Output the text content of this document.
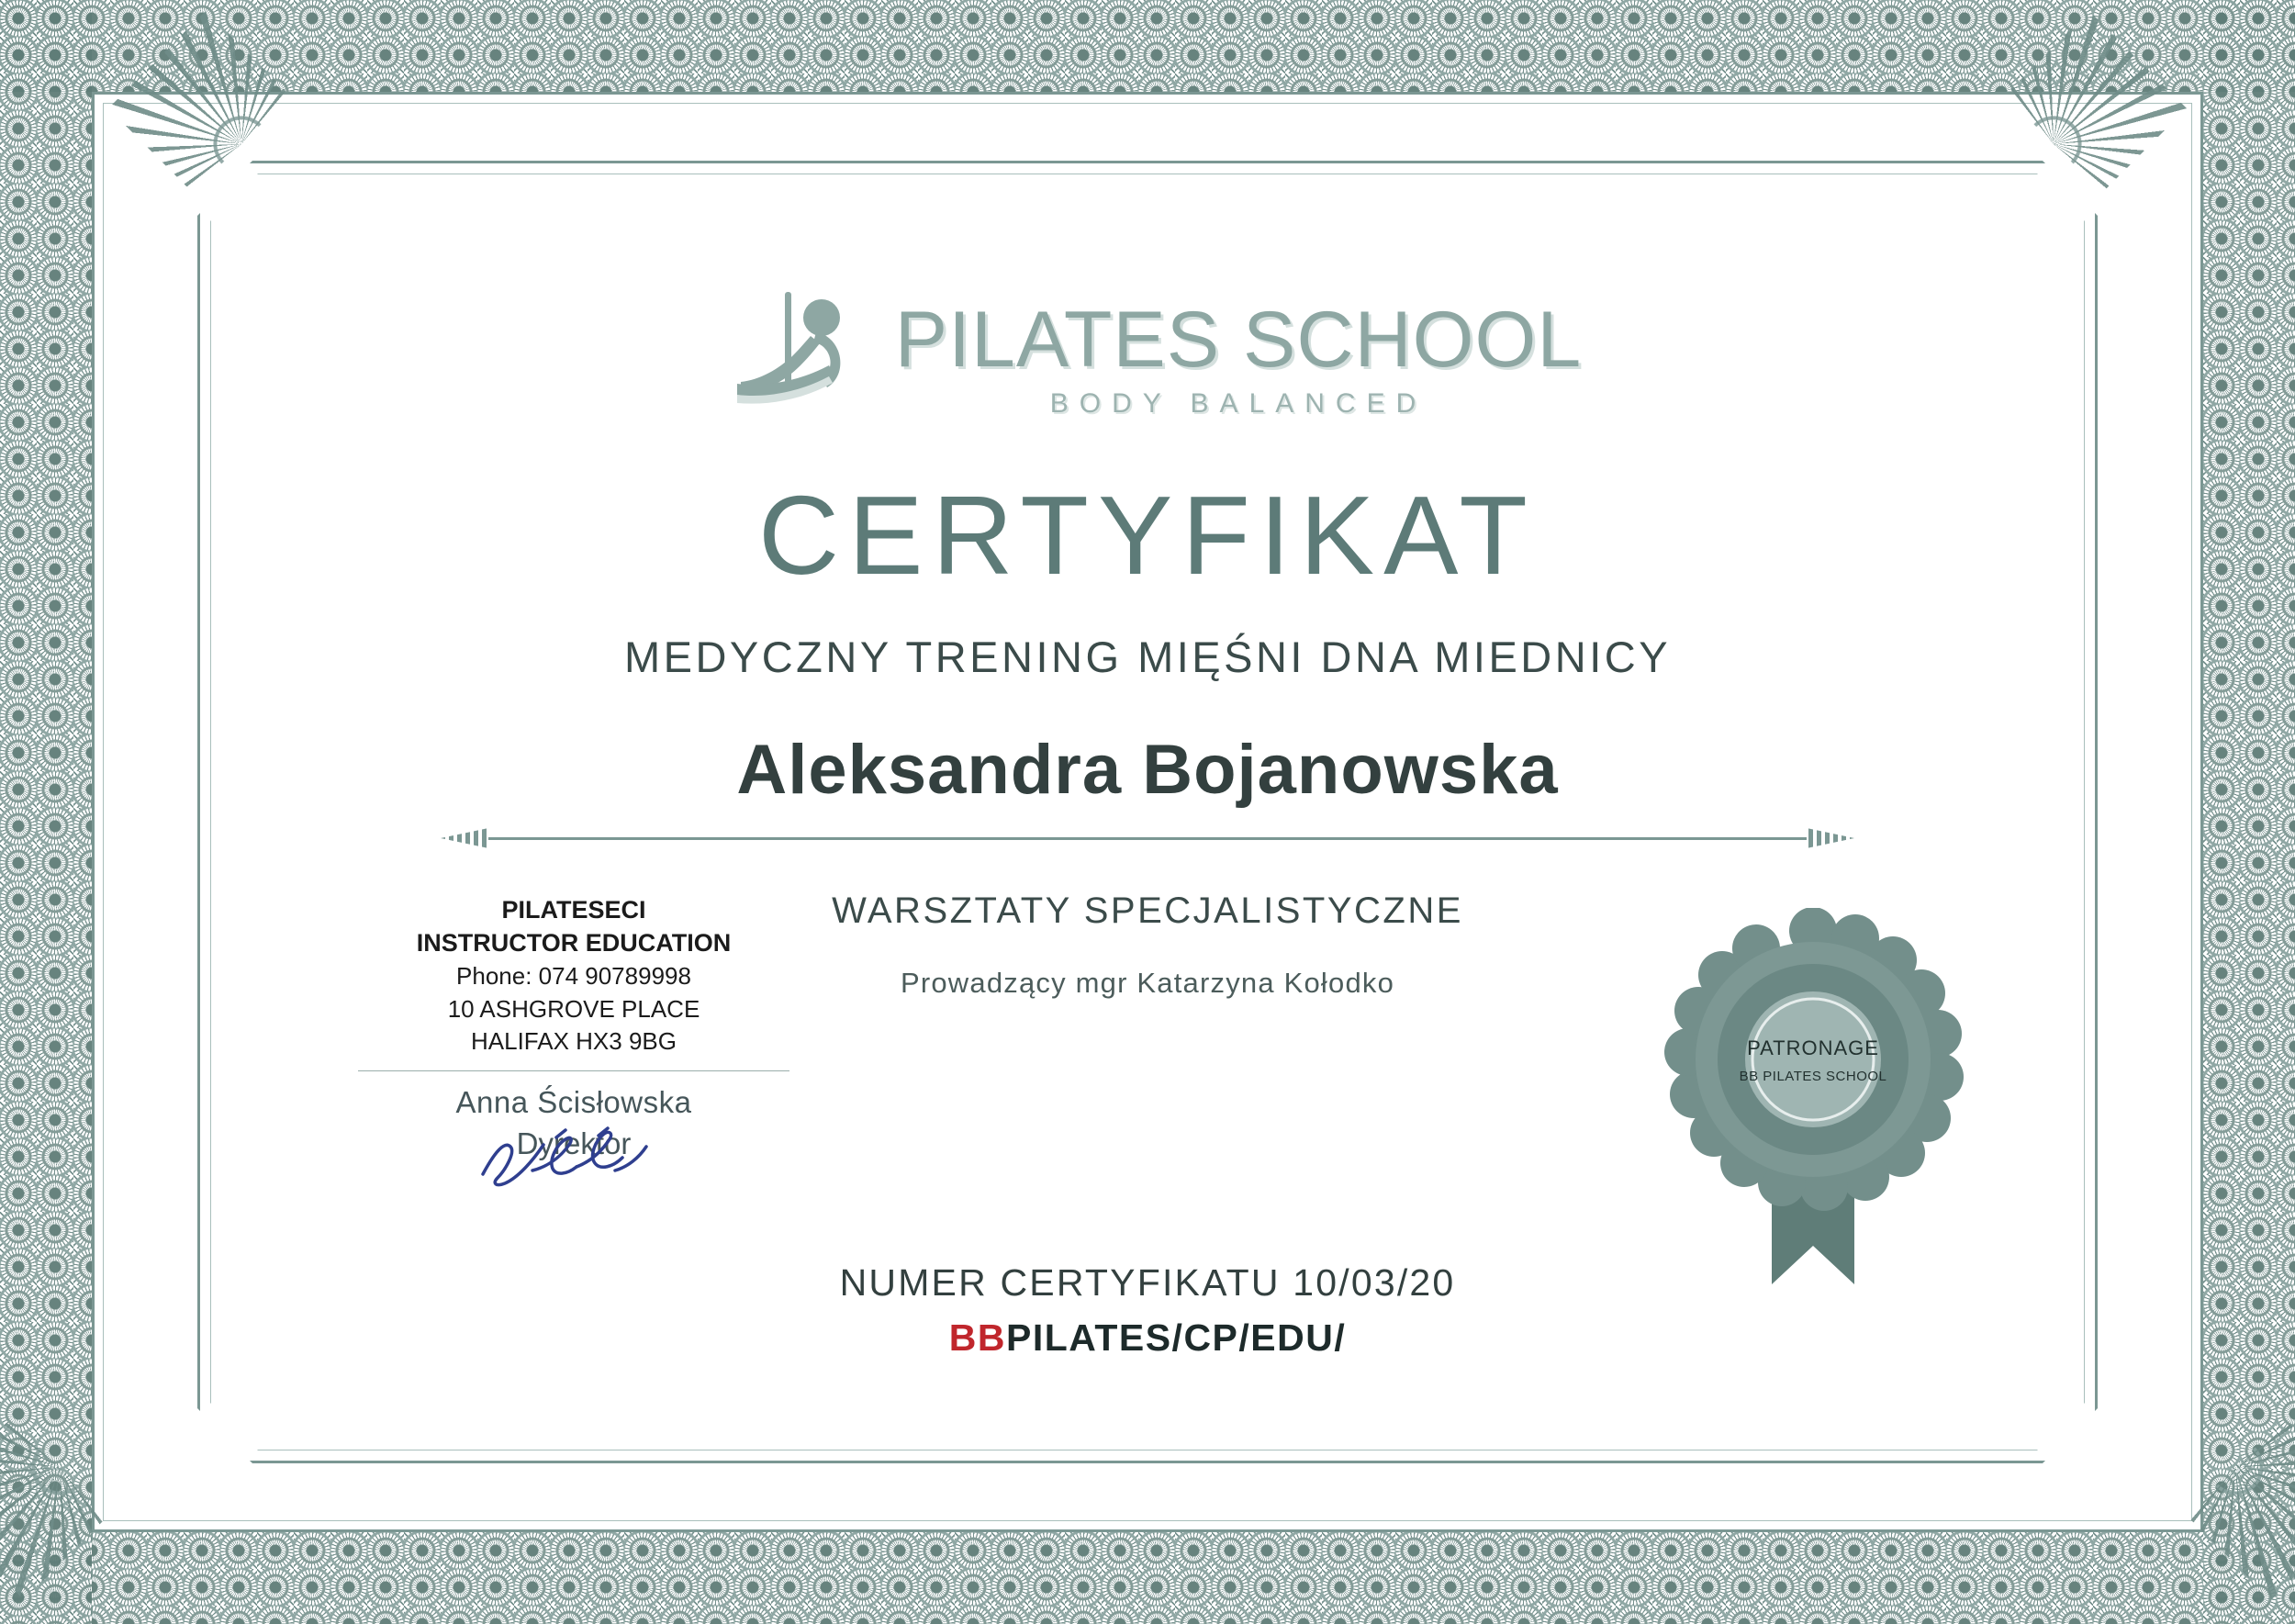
PILATES SCHOOL
BODY BALANCED
CERTYFIKAT
MEDYCZNY TRENING MIĘŚNI DNA MIEDNICY
Aleksandra Bojanowska
WARSZTATY SPECJALISTYCZNE
Prowadzący mgr Katarzyna Kołodko
NUMER CERTYFIKATU 10/03/20
BBPILATES/CP/EDU/
PILATESECI
INSTRUCTOR EDUCATION
Phone: 074 90789998
10 ASHGROVE PLACE
HALIFAX HX3 9BG
Anna Ścisłowska
Dyrektor
PATRONAGE
BB PILATES SCHOOL
